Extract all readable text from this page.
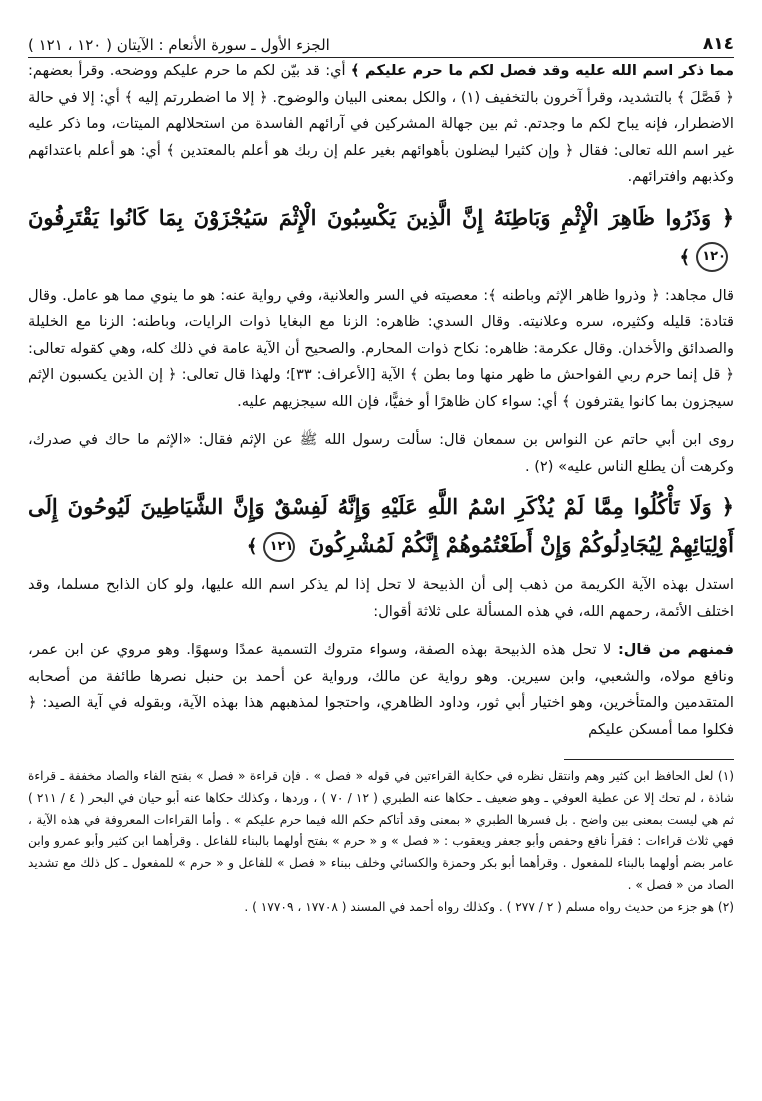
٨١٤
الجزء الأول ـ سورة الأنعام : الآيتان ( ١٢٠ ، ١٢١ )

مما ذكر اسم الله عليه وقد فصل لكم ما حرم عليكم ﴾ أي: قد بيّن لكم ما حرم عليكم ووضحه. وقرأ بعضهم: ﴿ فَصَّلَ ﴾ بالتشديد، وقرأ آخرون بالتخفيف (١) ، والكل بمعنى البيان والوضوح. ﴿ إلا ما اضطررتم إليه ﴾ أي: إلا في حالة الاضطرار، فإنه يباح لكم ما وجدتم. ثم بين جهالة المشركين في آرائهم الفاسدة من استحلالهم الميتات، وما ذكر عليه غير اسم الله تعالى: فقال ﴿ وإن كثيرا ليضلون بأهوائهم بغير علم إن ربك هو أعلم بالمعتدين ﴾ أي: هو أعلم باعتدائهم وكذبهم وافترائهم.

﴿ وَذَرُوا ظَاهِرَ الْإِثْمِ وَبَاطِنَهُ إِنَّ الَّذِينَ يَكْسِبُونَ الْإِثْمَ سَيُجْزَوْنَ بِمَا كَانُوا يَقْتَرِفُونَ ١٢٠﴾

قال مجاهد: ﴿ وذروا ظاهر الإثم وباطنه ﴾: معصيته في السر والعلانية، وفي رواية عنه: هو ما ينوي مما هو عامل. وقال قتادة: قليله وكثيره، سره وعلانيته. وقال السدي: ظاهره: الزنا مع البغايا ذوات الرايات، وباطنه: الزنا مع الخليلة والصدائق والأخدان. وقال عكرمة: ظاهره: نكاح ذوات المحارم. والصحيح أن الآية عامة في ذلك كله، وهي كقوله تعالى: ﴿ قل إنما حرم ربي الفواحش ما ظهر منها وما بطن ﴾ الآية [الأعراف: ٣٣]؛ ولهذا قال تعالى: ﴿ إن الذين يكسبون الإثم سيجزون بما كانوا يقترفون ﴾ أي: سواء كان ظاهرًا أو خفيًّا، فإن الله سيجزيهم عليه.

روى ابن أبي حاتم عن النواس بن سمعان قال: سألت رسول الله ﷺ عن الإثم فقال: «الإثم ما حاك في صدرك، وكرهت أن يطلع الناس عليه» (٢) .

﴿ وَلَا تَأْكُلُوا مِمَّا لَمْ يُذْكَرِ اسْمُ اللَّهِ عَلَيْهِ وَإِنَّهُ لَفِسْقٌ وَإِنَّ الشَّيَاطِينَ لَيُوحُونَ إِلَى أَوْلِيَائِهِمْ لِيُجَادِلُوكُمْ وَإِنْ أَطَعْتُمُوهُمْ إِنَّكُمْ لَمُشْرِكُونَ ١٢١﴾

استدل بهذه الآية الكريمة من ذهب إلى أن الذبيحة لا تحل إذا لم يذكر اسم الله عليها، ولو كان الذابح مسلما، وقد اختلف الأئمة، رحمهم الله، في هذه المسألة على ثلاثة أقوال:

فمنهم من قال: لا تحل هذه الذبيحة بهذه الصفة، وسواء متروك التسمية عمدًا وسهوًا. وهو مروي عن ابن عمر، ونافع مولاه، والشعبي، وابن سيرين. وهو رواية عن مالك، ورواية عن أحمد بن حنبل نصرها طائفة من أصحابه المتقدمين والمتأخرين، وهو اختيار أبي ثور، وداود الظاهري، واحتجوا لمذهبهم هذا بهذه الآية، وبقوله في آية الصيد: ﴿ فكلوا مما أمسكن عليكم

(١) لعل الحافظ ابن كثير وهم وانتقل نظره في حكاية القراءتين في قوله « فصل » . فإن قراءة « فصل » بفتح الفاء والصاد مخففة ـ قراءة شاذة ، لم تحك إلا عن عطية العوفي ـ وهو ضعيف ـ حكاها عنه الطبري ( ١٢ / ٧٠ ) ، وردها ، وكذلك حكاها عنه أبو حيان في البحر ( ٤ / ٢١١ ) ثم هي ليست بمعنى بين واضح . بل فسرها الطبري « بمعنى وقد أتاكم حكم الله فيما حرم عليكم » . وأما القراءات المعروفة في هذه الآية ، فهي ثلاث قراءات : فقرأ نافع وحفص وأبو جعفر ويعقوب : « فصل » و « حرم » بفتح أولهما بالبناء للفاعل . وقرأهما ابن كثير وأبو عمرو وابن عامر بضم أولهما بالبناء للمفعول . وقرأهما أبو بكر وحمزة والكسائي وخلف ببناء « فصل » للفاعل و « حرم » للمفعول ـ كل ذلك مع تشديد الصاد من « فصل » .

(٢) هو جزء من حديث رواه مسلم ( ٢ / ٢٧٧ ) . وكذلك رواه أحمد في المسند ( ١٧٧٠٨ ، ١٧٧٠٩ ) .
